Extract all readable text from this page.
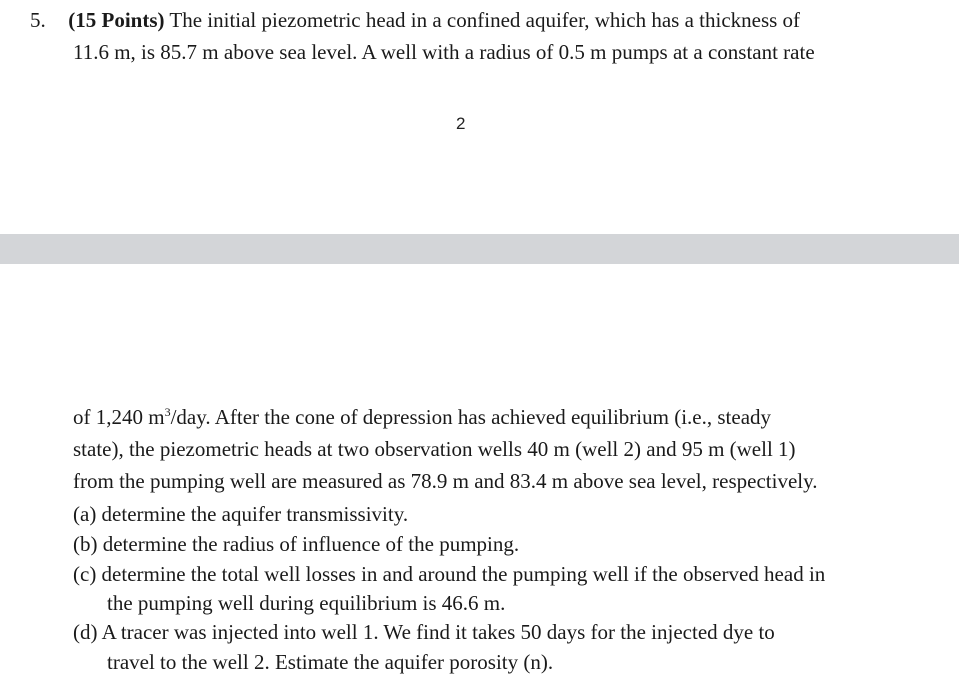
5. (15 Points) The initial piezometric head in a confined aquifer, which has a thickness of
11.6 m, is 85.7 m above sea level. A well with a radius of 0.5 m pumps at a constant rate
2
of 1,240 $m^3$/day. After the cone of depression has achieved equilibrium (i.e., steady
state), the piezometric heads at two observation wells 40 m (well 2) and 95 m (well 1)
from the pumping well are measured as 78.9 m and 83.4 m above sea level, respectively.
(a) determine the aquifer transmissivity.
(b) determine the radius of influence of the pumping.
(c) determine the total well losses in and around the pumping well if the observed head in
the pumping well during equilibrium is 46.6 m.
(d) A tracer was injected into well 1. We find it takes 50 days for the injected dye to
travel to the well 2. Estimate the aquifer porosity (n).
